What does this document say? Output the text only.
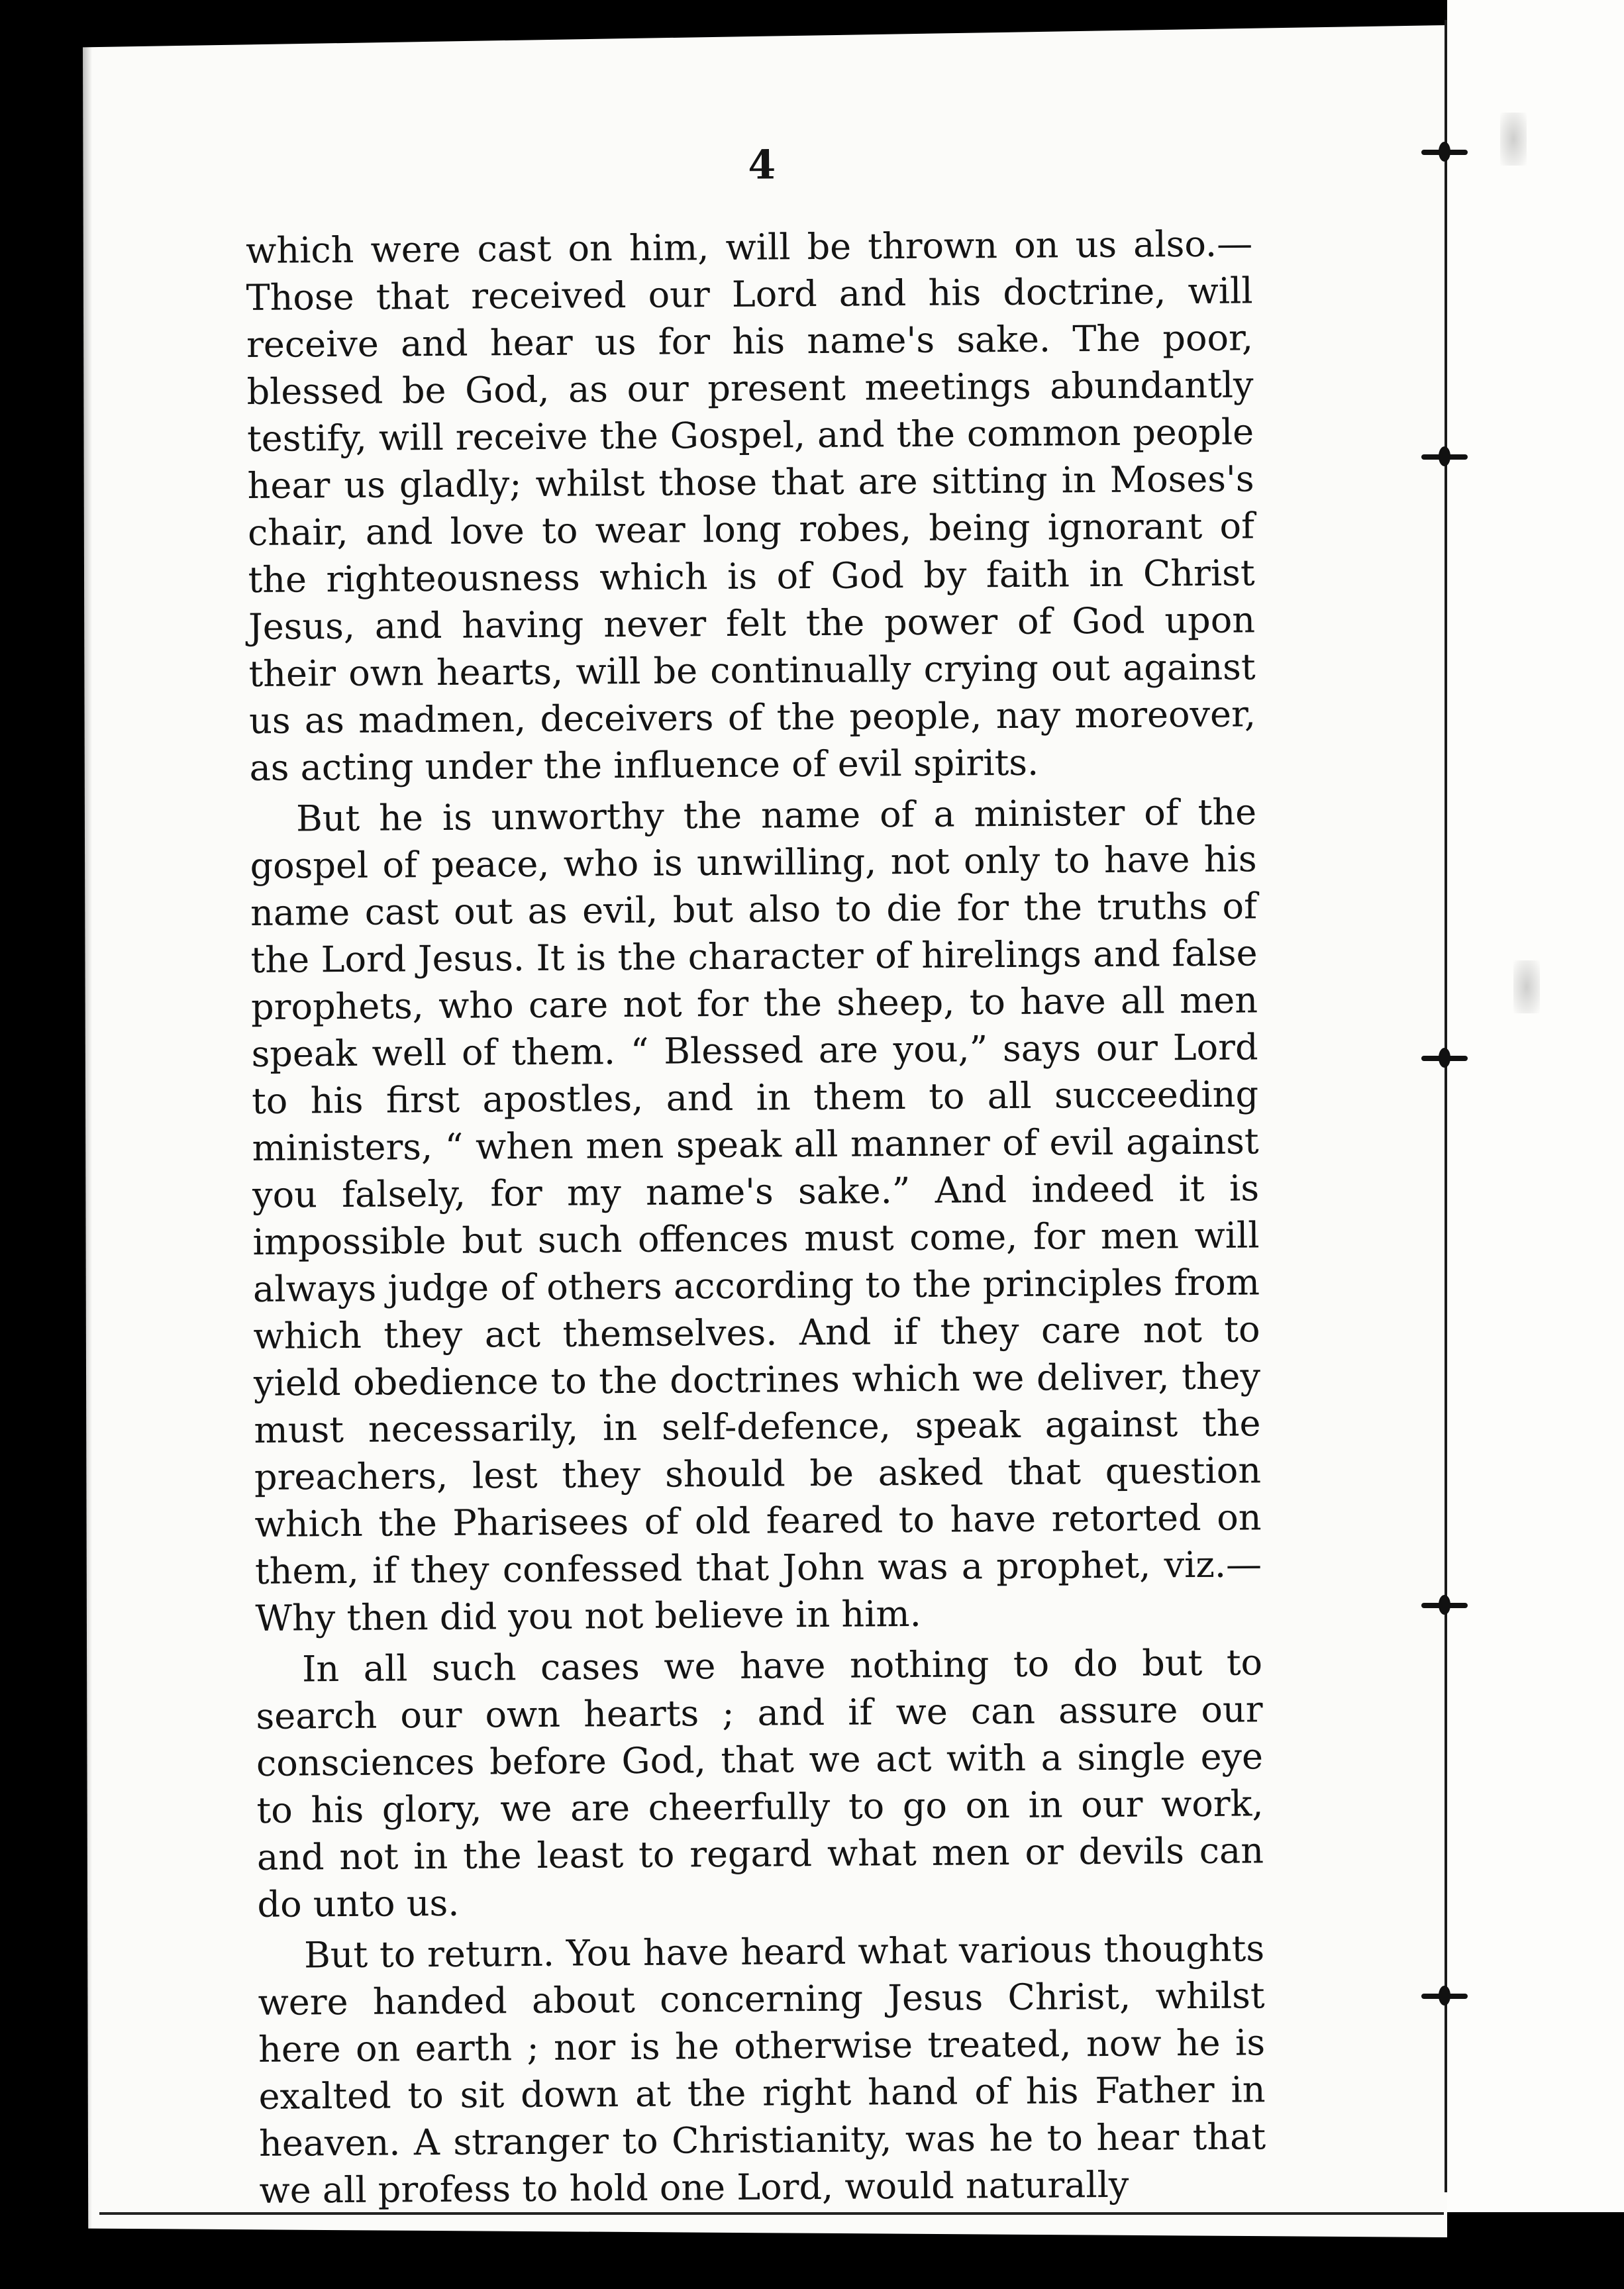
4

which were cast on him, will be thrown on us also.—Those that received our Lord and his doctrine, will receive and hear us for his name's sake. The poor, blessed be God, as our present meetings abundantly testify, will receive the Gospel, and the common people hear us gladly; whilst those that are sitting in Moses's chair, and love to wear long robes, being ignorant of the righteousness which is of God by faith in Christ Jesus, and having never felt the power of God upon their own hearts, will be continually crying out against us as madmen, deceivers of the people, nay moreover, as acting under the influence of evil spirits.

But he is unworthy the name of a minister of the gospel of peace, who is unwilling, not only to have his name cast out as evil, but also to die for the truths of the Lord Jesus. It is the character of hirelings and false prophets, who care not for the sheep, to have all men speak well of them. “ Blessed are you,” says our Lord to his first apostles, and in them to all succeeding ministers, “ when men speak all manner of evil against you falsely, for my name's sake.” And indeed it is impossible but such offences must come, for men will always judge of others according to the principles from which they act themselves. And if they care not to yield obedience to the doctrines which we deliver, they must necessarily, in self-defence, speak against the preachers, lest they should be asked that question which the Pharisees of old feared to have retorted on them, if they confessed that John was a prophet, viz.—Why then did you not believe in him.

In all such cases we have nothing to do but to search our own hearts ; and if we can assure our consciences before God, that we act with a single eye to his glory, we are cheerfully to go on in our work, and not in the least to regard what men or devils can do unto us.

But to return. You have heard what various thoughts were handed about concerning Jesus Christ, whilst here on earth ; nor is he otherwise treated, now he is exalted to sit down at the right hand of his Father in heaven. A stranger to Christianity, was he to hear that we all profess to hold one Lord, would naturally
